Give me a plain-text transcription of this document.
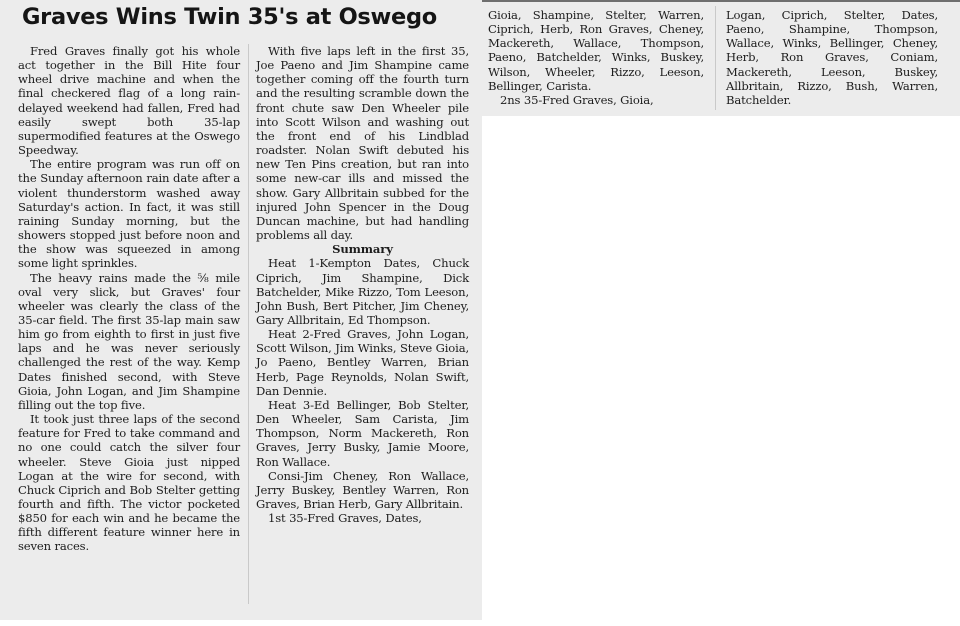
Graves Wins Twin 35's at Oswego

Fred Graves finally got his whole act together in the Bill Hite four wheel drive machine and when the final checkered flag of a long rain-delayed weekend had fallen, Fred had easily swept both 35-lap supermodified features at the Oswego Speedway.

The entire program was run off on the Sunday afternoon rain date after a violent thunderstorm washed away Saturday's action. In fact, it was still raining Sunday morning, but the showers stopped just before noon and the show was squeezed in among some light sprinkles.

The heavy rains made the ⅝ mile oval very slick, but Graves' four wheeler was clearly the class of the 35-car field. The first 35-lap main saw him go from eighth to first in just five laps and he was never seriously challenged the rest of the way. Kemp Dates finished second, with Steve Gioia, John Logan, and Jim Shampine filling out the top five.

It took just three laps of the second feature for Fred to take command and no one could catch the silver four wheeler. Steve Gioia just nipped Logan at the wire for second, with Chuck Ciprich and Bob Stelter getting fourth and fifth. The victor pocketed $850 for each win and he became the fifth different feature winner here in seven races.

With five laps left in the first 35, Joe Paeno and Jim Shampine came together coming off the fourth turn and the resulting scramble down the front chute saw Den Wheeler pile into Scott Wilson and washing out the front end of his Lindblad roadster. Nolan Swift debuted his new Ten Pins creation, but ran into some new-car ills and missed the show. Gary Allbritain subbed for the injured John Spencer in the Doug Duncan machine, but had handling problems all day.

Summary

Heat 1-Kempton Dates, Chuck Ciprich, Jim Shampine, Dick Batchelder, Mike Rizzo, Tom Leeson, John Bush, Bert Pitcher, Jim Cheney, Gary Allbritain, Ed Thompson.

Heat 2-Fred Graves, John Logan, Scott Wilson, Jim Winks, Steve Gioia, Jo Paeno, Bentley Warren, Brian Herb, Page Reynolds, Nolan Swift, Dan Dennie.

Heat 3-Ed Bellinger, Bob Stelter, Den Wheeler, Sam Carista, Jim Thompson, Norm Mackereth, Ron Graves, Jerry Busky, Jamie Moore, Ron Wallace.

Consi-Jim Cheney, Ron Wallace, Jerry Buskey, Bentley Warren, Ron Graves, Brian Herb, Gary Allbritain.

1st 35-Fred Graves, Dates,

Gioia, Shampine, Stelter, Warren, Ciprich, Herb, Ron Graves, Cheney, Mackereth, Wallace, Thompson, Paeno, Batchelder, Winks, Buskey, Wilson, Wheeler, Rizzo, Leeson, Bellinger, Carista.

2ns 35-Fred Graves, Gioia,

Logan, Ciprich, Stelter, Dates, Paeno, Shampine, Thompson, Wallace, Winks, Bellinger, Cheney, Herb, Ron Graves, Coniam, Mackereth, Leeson, Buskey, Allbritain, Rizzo, Bush, Warren, Batchelder.
